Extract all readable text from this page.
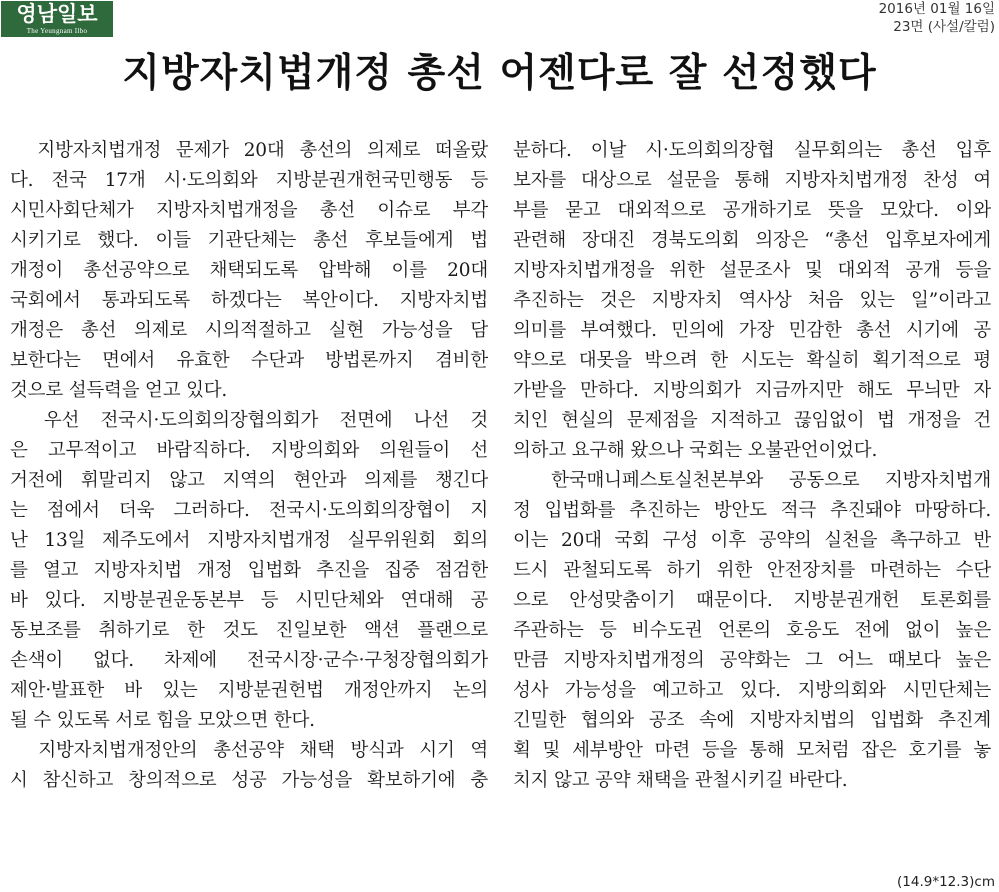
영남일보
The Yeungnam Ilbo
2016년 01월 16일
23면 (사설/칼럼)
지방자치법개정 총선 어젠다로 잘 선정했다
　지방자치법개정 문제가 20대 총선의 의제로 떠올랐
다. 전국 17개 시·도의회와 지방분권개헌국민행동 등
시민사회단체가 지방자치법개정을 총선 이슈로 부각
시키기로 했다. 이들 기관단체는 총선 후보들에게 법
개정이 총선공약으로 채택되도록 압박해 이를 20대
국회에서 통과되도록 하겠다는 복안이다. 지방자치법
개정은 총선 의제로 시의적절하고 실현 가능성을 담
보한다는 면에서 유효한 수단과 방법론까지 겸비한
것으로 설득력을 얻고 있다.
　우선 전국시·도의회의장협의회가 전면에 나선 것
은 고무적이고 바람직하다. 지방의회와 의원들이 선
거전에 휘말리지 않고 지역의 현안과 의제를 챙긴다
는 점에서 더욱 그러하다. 전국시·도의회의장협이 지
난 13일 제주도에서 지방자치법개정 실무위원회 회의
를 열고 지방자치법 개정 입법화 추진을 집중 점검한
바 있다. 지방분권운동본부 등 시민단체와 연대해 공
동보조를 취하기로 한 것도 진일보한 액션 플랜으로
손색이 없다. 차제에 전국시장·군수·구청장협의회가
제안·발표한 바 있는 지방분권헌법 개정안까지 논의
될 수 있도록 서로 힘을 모았으면 한다.
　지방자치법개정안의 총선공약 채택 방식과 시기 역
시 참신하고 창의적으로 성공 가능성을 확보하기에 충
분하다. 이날 시·도의회의장협 실무회의는 총선 입후
보자를 대상으로 설문을 통해 지방자치법개정 찬성 여
부를 묻고 대외적으로 공개하기로 뜻을 모았다. 이와
관련해 장대진 경북도의회 의장은 “총선 입후보자에게
지방자치법개정을 위한 설문조사 및 대외적 공개 등을
추진하는 것은 지방자치 역사상 처음 있는 일”이라고
의미를 부여했다. 민의에 가장 민감한 총선 시기에 공
약으로 대못을 박으려 한 시도는 확실히 획기적으로 평
가받을 만하다. 지방의회가 지금까지만 해도 무늬만 자
치인 현실의 문제점을 지적하고 끊임없이 법 개정을 건
의하고 요구해 왔으나 국회는 오불관언이었다.
　한국매니페스토실천본부와 공동으로 지방자치법개
정 입법화를 추진하는 방안도 적극 추진돼야 마땅하다.
이는 20대 국회 구성 이후 공약의 실천을 촉구하고 반
드시 관철되도록 하기 위한 안전장치를 마련하는 수단
으로 안성맞춤이기 때문이다. 지방분권개헌 토론회를
주관하는 등 비수도권 언론의 호응도 전에 없이 높은
만큼 지방자치법개정의 공약화는 그 어느 때보다 높은
성사 가능성을 예고하고 있다. 지방의회와 시민단체는
긴밀한 협의와 공조 속에 지방자치법의 입법화 추진계
획 및 세부방안 마련 등을 통해 모처럼 잡은 호기를 놓
치지 않고 공약 채택을 관철시키길 바란다.
(14.9*12.3)cm
